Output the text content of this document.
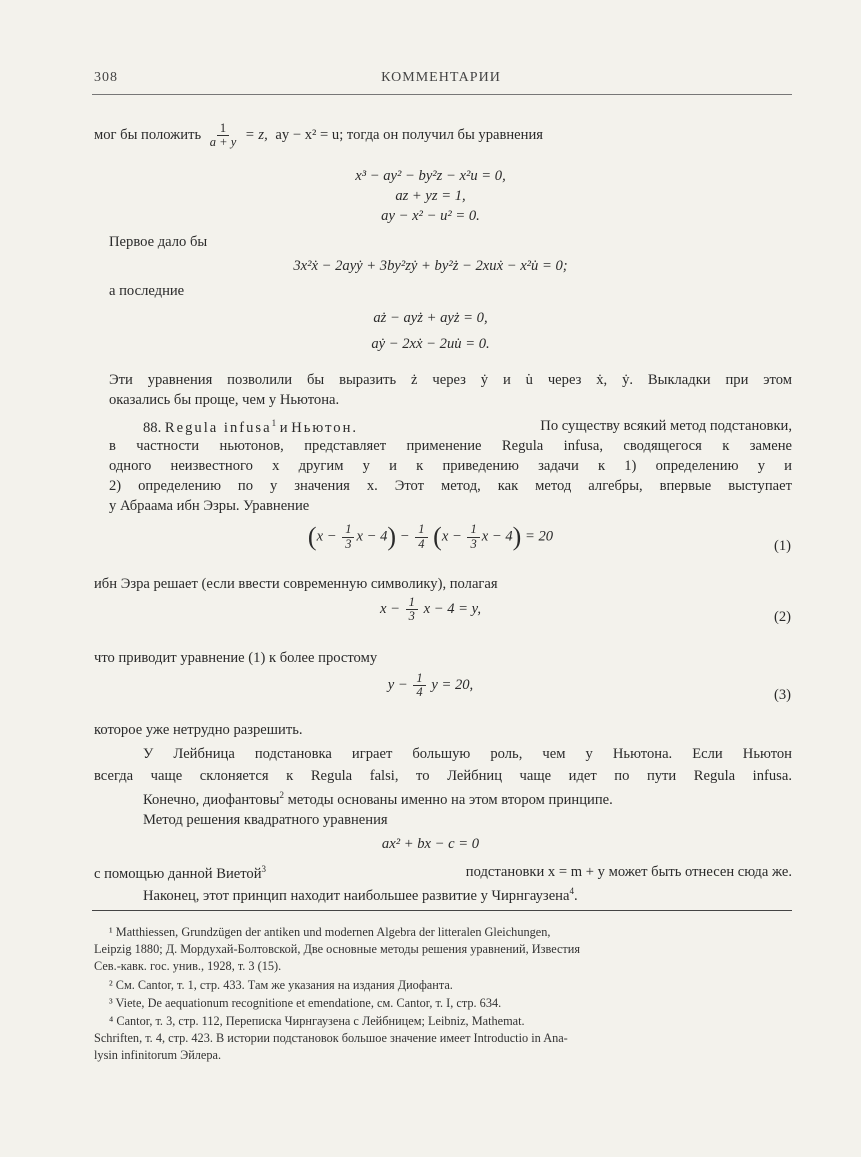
308	КОММЕНТАРИИ
мог бы положить $\frac{1}{a + y} = z$, ay − x² = u; тогда он получил бы уравнения
x³ − ay² − by²z − x²u = 0,
az + yz = 1,
ay − x² − u² = 0.
Первое дало бы
3x²ẋ − 2ayẏ + 3by²zẏ + by²ż − 2xuẋ − x²u̇ = 0;
а последние
aż − ayż + ayż = 0,
aẏ − 2xẋ − 2uu̇ = 0.
Эти уравнения позволили бы выразить ż через ẏ и u̇ через ẋ, ẏ. Выкладки при этом
оказались бы проще, чем у Ньютона.
88. Regula infusa$^1$ и Ньютон.	По существу всякий метод подстановки,
в частности ньютонов, представляет применение Regula infusa, сводящегося к замене
одного неизвестного x другим y и к приведению задачи к 1) определению y и
2) определению по y значения x. Этот метод, как метод алгебры, впервые выступает
у Абраама ибн Эзры. Уравнение
($x - \frac{1}{3}$ $x - 4) - \frac{1}{4} (x - \frac{1}{3}$ x − 4) = 20
(1)
ибн Эзра решает (если ввести современную символику), полагая
$x - \frac{1}{3}$ x − 4 = y,
(2)
что приводит уравнение (1) к более простому
$y - \frac{1}{4}$ y = 20,
(3)
которое уже нетрудно разрешить.
У Лейбница подстановка играет большую роль, чем у Ньютона. Если Ньютон
всегда чаще склоняется к Regula falsi, то Лейбниц чаще идет по пути Regula infusa.
Конечно, диофантовы$^2$ методы основаны именно на этом втором принципе.
Метод решения квадратного уравнения
ax² + bx − c = 0
с помощью данной Виетой$^3$	подстановки x = m + y может быть отнесен сюда же.
Наконец, этот принцип находит наибольшее развитие у Чирнгаузена$^4$.
¹ Matthiessen, Grundzügen der antiken und modernen Algebra der litteralen Gleichungen,
Leipzig 1880; Д. Мордухай-Болтовской, Две основные методы решения уравнений, Известия
Сев.-кавк. гос. унив., 1928, т. 3 (15).
² См. Cantor, т. 1, стр. 433. Там же указания на издания Диофанта.
³ Viete, De aequationum recognitione et emendatione, см. Cantor, т. I, стр. 634.
⁴ Cantor, т. 3, стр. 112, Переписка Чирнгаузена с Лейбницем; Leibniz, Mathemat.
Schriften, т. 4, стр. 423. В истории подстановок большое значение имеет Introductio in Ana-
lysin infinitorum Эйлера.
